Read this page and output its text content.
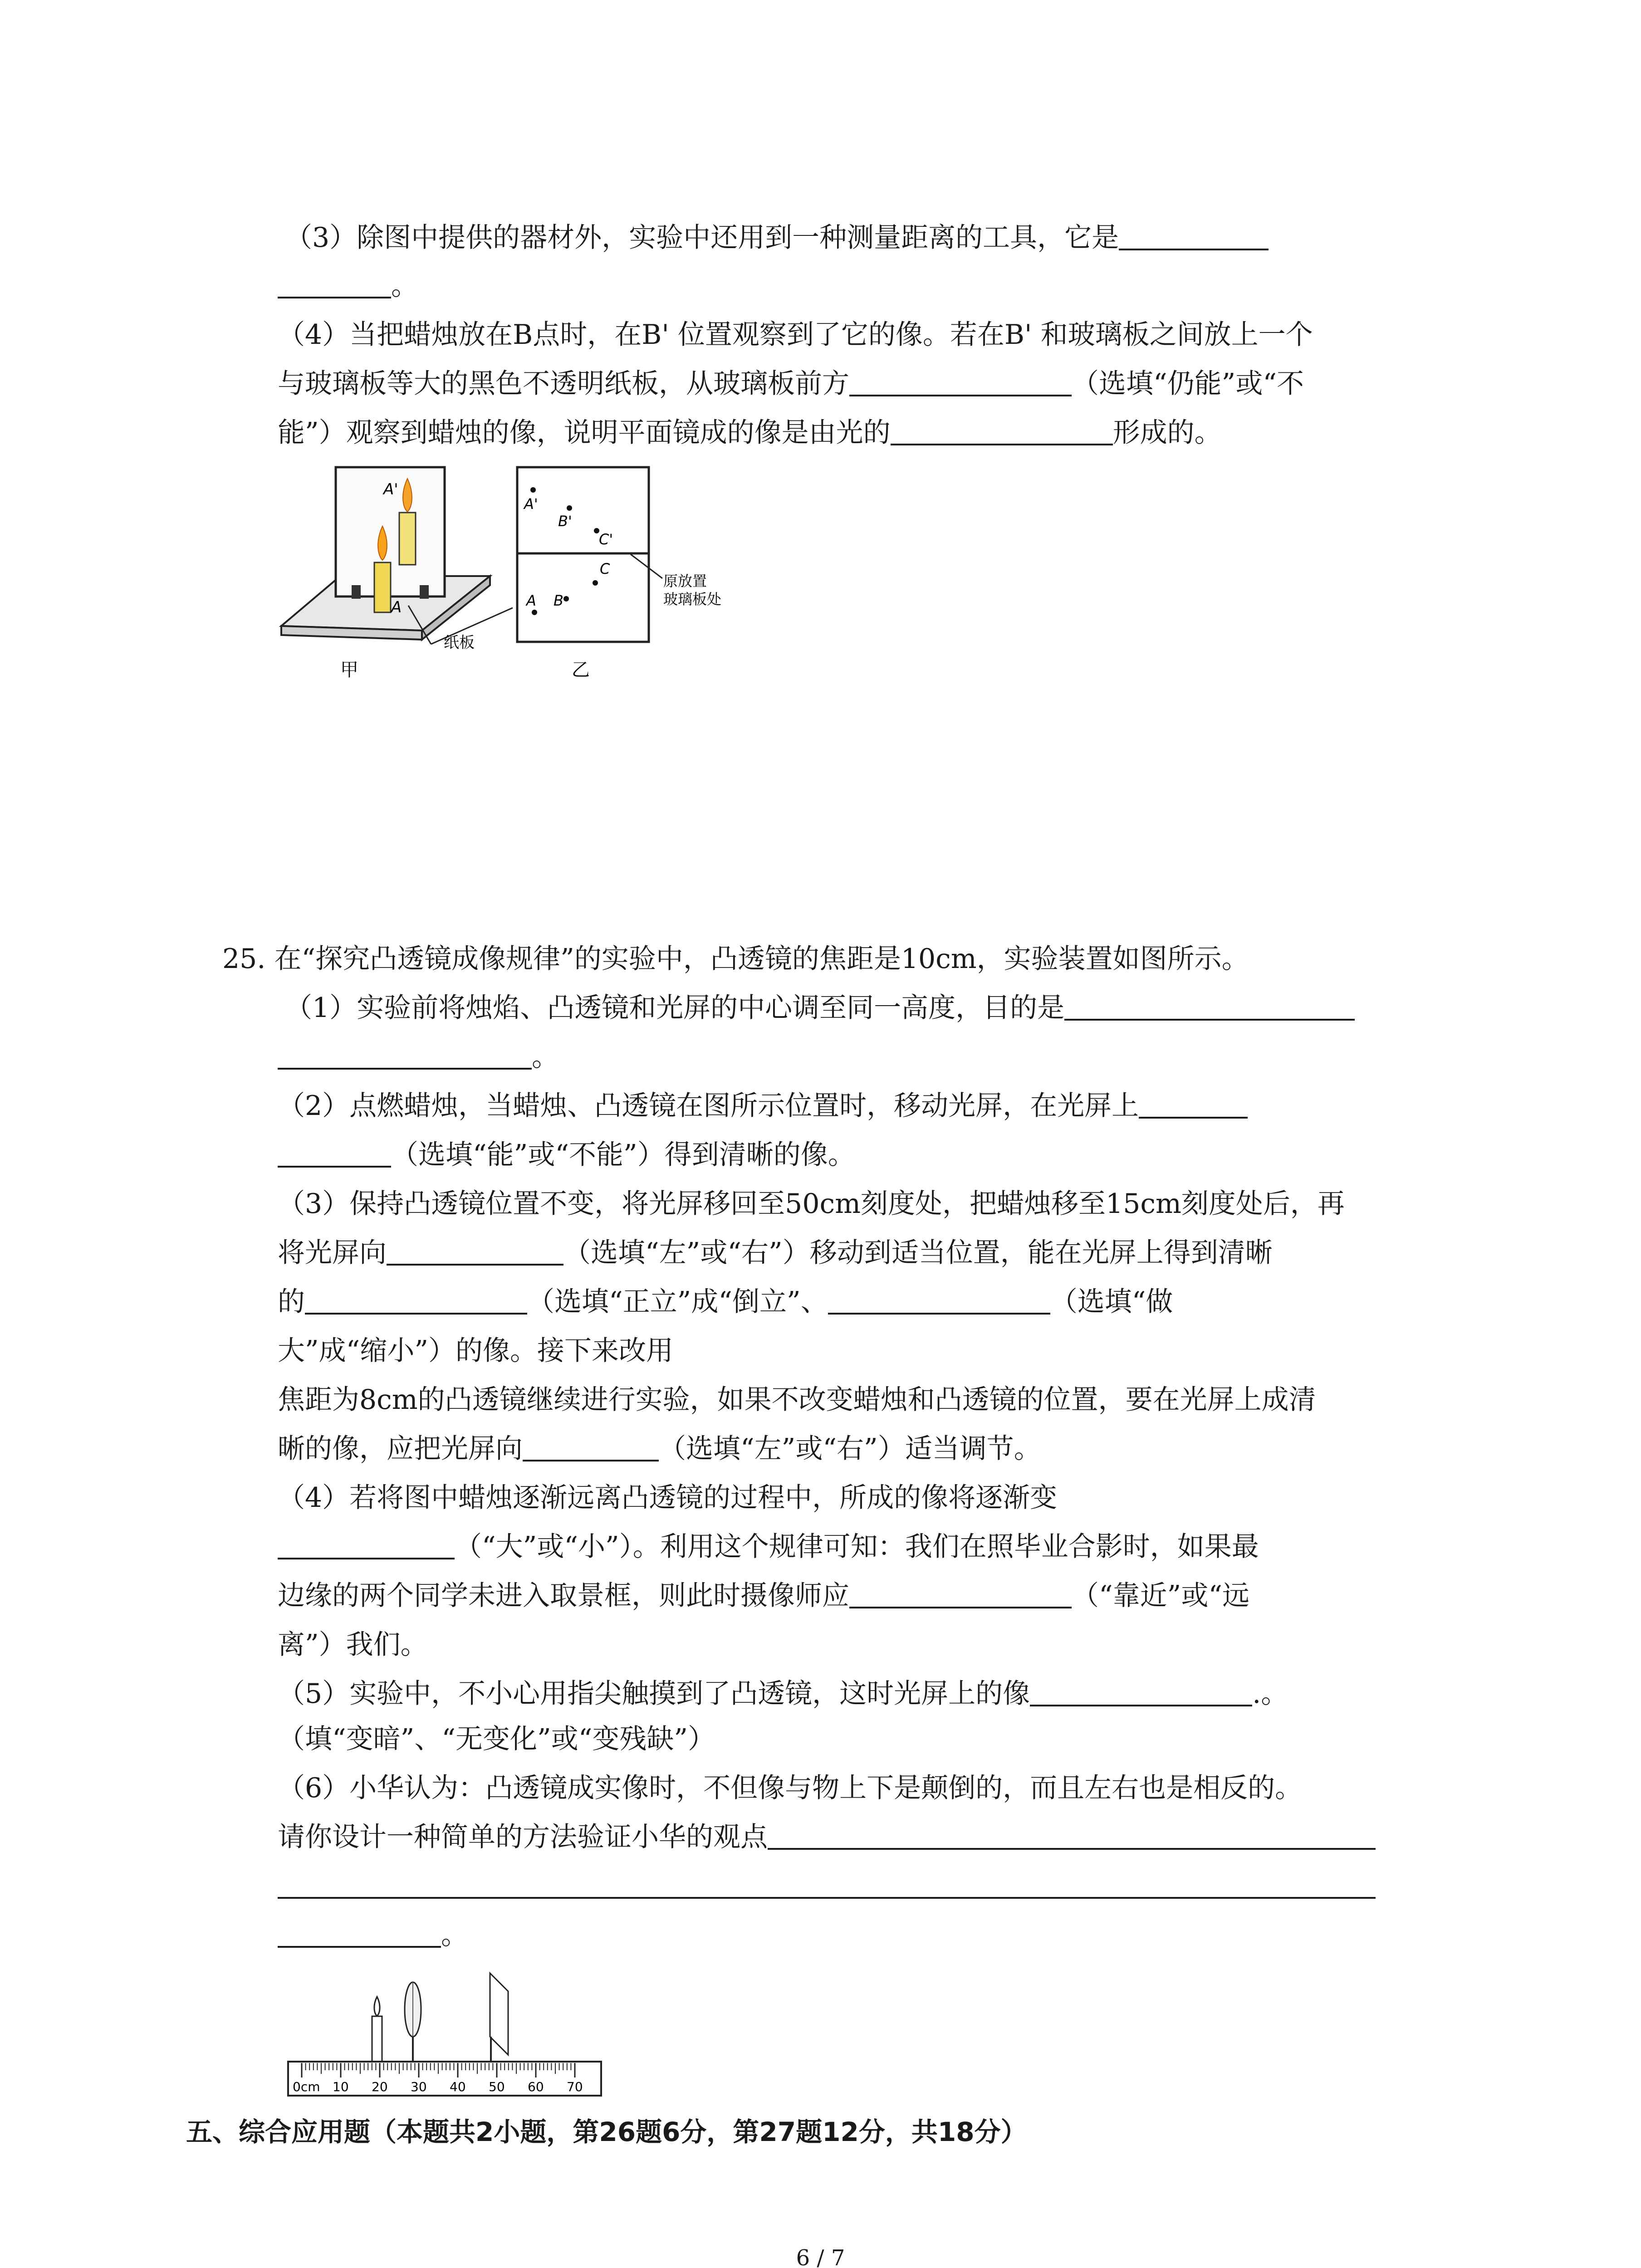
（3）除图中提供的器材外，实验中还用到一种测量距离的工具，它是
。
（4）当把蜡烛放在B点时，在B' 位置观察到了它的像。若在B' 和玻璃板之间放上一个
与玻璃板等大的黑色不透明纸板，从玻璃板前方	（选填“仍能”或“不
能”）观察到蜡烛的像，说明平面镜成的像是由光的	形成的。
A'
A
A'
B'
C'
C
B
A
原放置
玻璃板处
纸板
甲	乙
25. 在“探究凸透镜成像规律”的实验中，凸透镜的焦距是10cm，实验装置如图所示。
（1）实验前将烛焰、凸透镜和光屏的中心调至同一高度，目的是
。
（2）点燃蜡烛，当蜡烛、凸透镜在图所示位置时，移动光屏，在光屏上
（选填“能”或“不能”）得到清晰的像。
（3）保持凸透镜位置不变，将光屏移回至50cm刻度处，把蜡烛移至15cm刻度处后，再
将光屏向	（选填“左”或“右”）移动到适当位置，能在光屏上得到清晰
的	（选填“正立”成“倒立”、	（选填“做
大”成“缩小”）的像。接下来改用
焦距为8cm的凸透镜继续进行实验，如果不改变蜡烛和凸透镜的位置，要在光屏上成清
晰的像，应把光屏向	（选填“左”或“右”）适当调节。
（4）若将图中蜡烛逐渐远离凸透镜的过程中，所成的像将逐渐变
（“大”或“小”）。利用这个规律可知：我们在照毕业合影时，如果最
边缘的两个同学未进入取景框，则此时摄像师应	（“靠近”或“远
离”）我们。
（5）实验中，不小心用指尖触摸到了凸透镜，这时光屏上的像	.。
（填“变暗”、“无变化”或“变残缺”）
（6）小华认为：凸透镜成实像时，不但像与物上下是颠倒的，而且左右也是相反的。
请你设计一种简单的方法验证小华的观点
。
0cm 10 20 30 40 50 60 70
五、综合应用题（本题共2小题，第26题6分，第27题12分，共18分）
6 / 7
